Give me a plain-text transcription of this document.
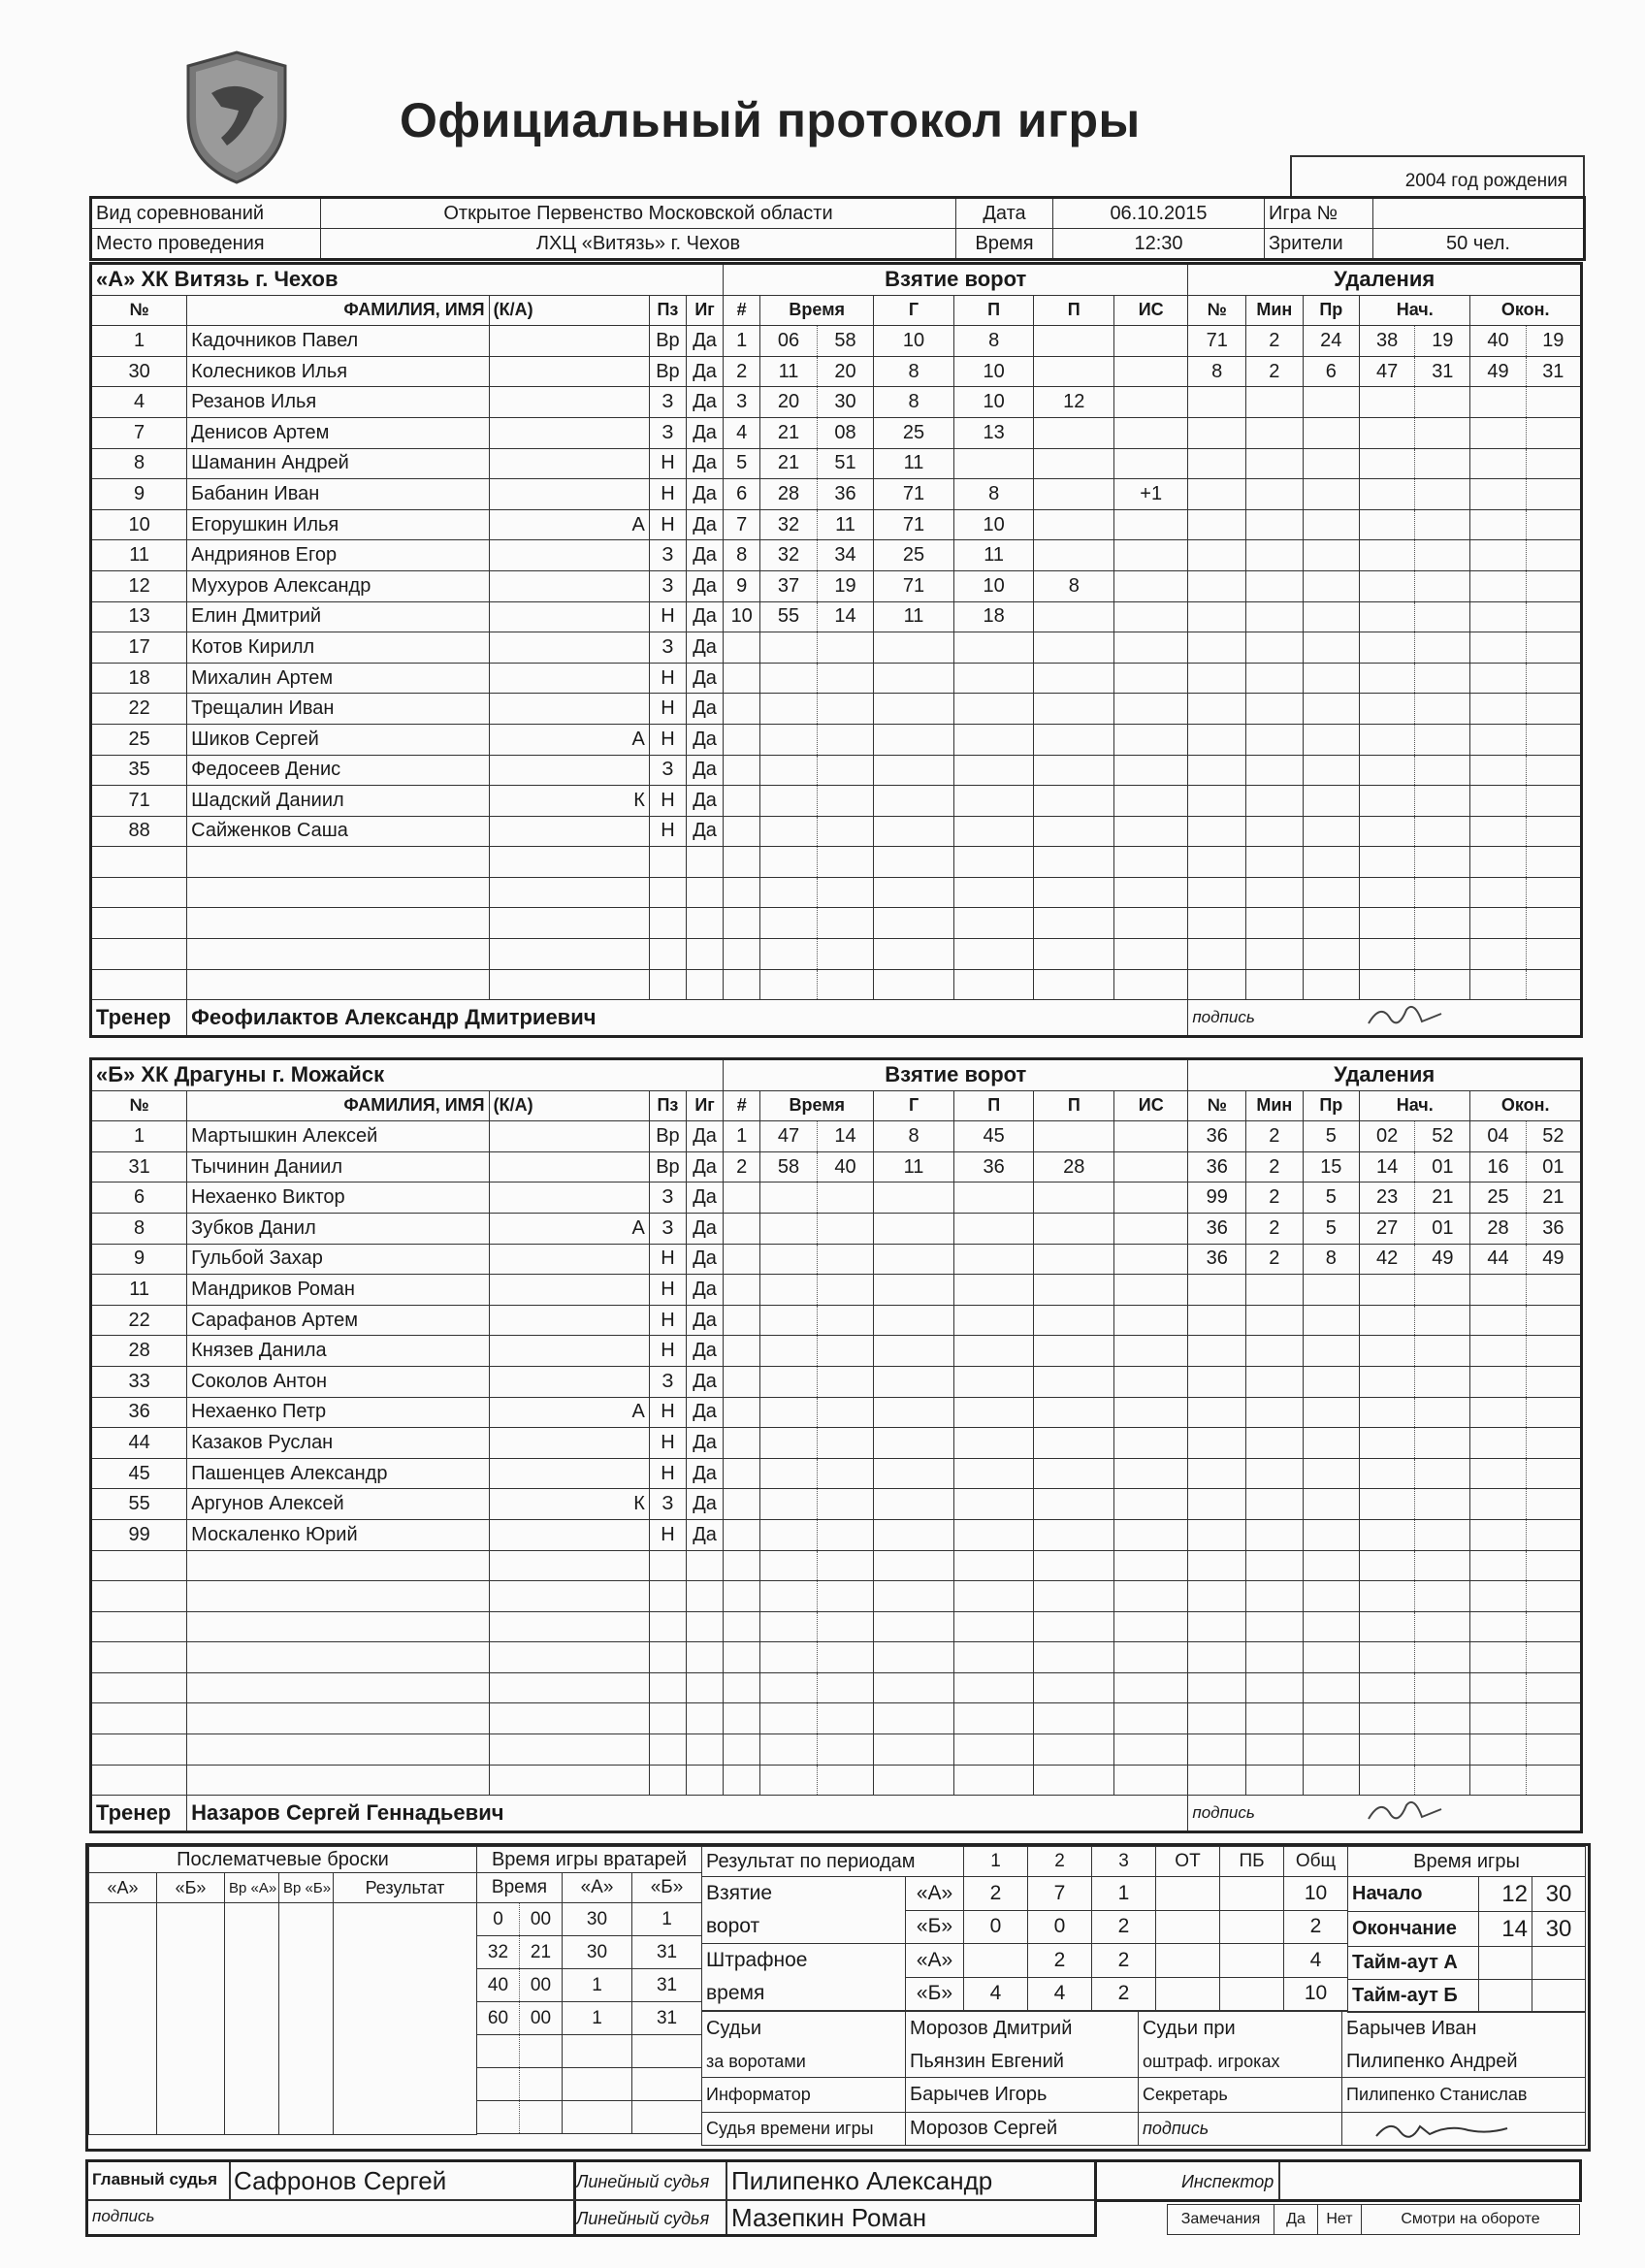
Официальный протокол игры
2004 год рождения
Вид соревнований	Открытое Первенство Московской области	Дата	06.10.2015	Игра №	
Место проведения	ЛХЦ «Витязь» г. Чехов	Время	12:30	Зрители	50 чел.
«А» ХК Витязь г. Чехов					Взятие ворот							Удаления						
№	ФАМИЛИЯ, ИМЯ	(К/А)	Пз	Иг	#	Время		Г	П	П	ИС	№	Мин	Пр	Нач.		Окон.	
1	Кадочников Павел		Вр	Да	1	06	58	10	8			71	2	24	38	19	40	19
30	Колесников Илья		Вр	Да	2	11	20	8	10			8	2	6	47	31	49	31
4	Резанов Илья		З	Да	3	20	30	8	10	12								
7	Денисов Артем		З	Да	4	21	08	25	13									
8	Шаманин Андрей		Н	Да	5	21	51	11										
9	Бабанин Иван		Н	Да	6	28	36	71	8		+1							
10	Егорушкин Илья	А	Н	Да	7	32	11	71	10									
11	Андриянов Егор		З	Да	8	32	34	25	11									
12	Мухуров Александр		З	Да	9	37	19	71	10	8								
13	Елин Дмитрий		Н	Да	10	55	14	11	18									
17	Котов Кирилл		З	Да														
18	Михалин Артем		Н	Да														
22	Трещалин Иван		Н	Да														
25	Шиков Сергей	А	Н	Да														
35	Федосеев Денис		З	Да														
71	Шадский Даниил	К	Н	Да														
88	Сайженков Саша		Н	Да														

Тренер	Феофилактов Александр Дмитриевич											подпись	
«Б» ХК Драгуны г. Можайск					Взятие ворот							Удаления						
№	ФАМИЛИЯ, ИМЯ	(К/А)	Пз	Иг	#	Время		Г	П	П	ИС	№	Мин	Пр	Нач.		Окон.	
1	Мартышкин Алексей		Вр	Да	1	47	14	8	45			36	2	5	02	52	04	52
31	Тычинин Даниил		Вр	Да	2	58	40	11	36	28		36	2	15	14	01	16	01
6	Нехаенко Виктор		З	Да								99	2	5	23	21	25	21
8	Зубков Данил	А	З	Да								36	2	5	27	01	28	36
9	Гульбой Захар		Н	Да								36	2	8	42	49	44	49
11	Мандриков Роман		Н	Да														
22	Сарафанов Артем		Н	Да														
28	Князев Данила		Н	Да														
33	Соколов Антон		З	Да														
36	Нехаенко Петр	А	Н	Да														
44	Казаков Руслан		Н	Да														
45	Пашенцев Александр		Н	Да														
55	Аргунов Алексей	К	З	Да														
99	Москаленко Юрий		Н	Да														

Тренер	Назаров Сергей Геннадьевич											подпись	
Послематчевые броски				
«А»	«Б»	Вр «А»	Вр «Б»	Результат

Время игры вратарей			
Время		«А»	«Б»
0	00	30	1
32	21	30	31
40	00	1	31
60	00	1	31

Результат по периодам		1	2	3	ОТ	ПБ	Общ
Взятие	«А»	2	7	1			10
ворот	«Б»	0	0	2			2
Штрафное	«А»		2	2			4
время	«Б»	4	4	2			10
Время игры		
Начало	12	30
Окончание	14	30
Тайм-аут А		
Тайм-аут Б		
Судьи	Морозов Дмитрий	Судьи при	Барычев Иван
за воротами	Пьянзин Евгений	оштраф. игроках	Пилипенко Андрей
Информатор	Барычев Игорь	Секретарь	Пилипенко Станислав
Судья времени игры	Морозов Сергей	подпись	
Главный судья Сафронов Сергей
подпись
Линейный судья Пилипенко Александр
Линейный судья Мазепкин Роман
Инспектор
Замечания	Да	Нет	Смотри на обороте
